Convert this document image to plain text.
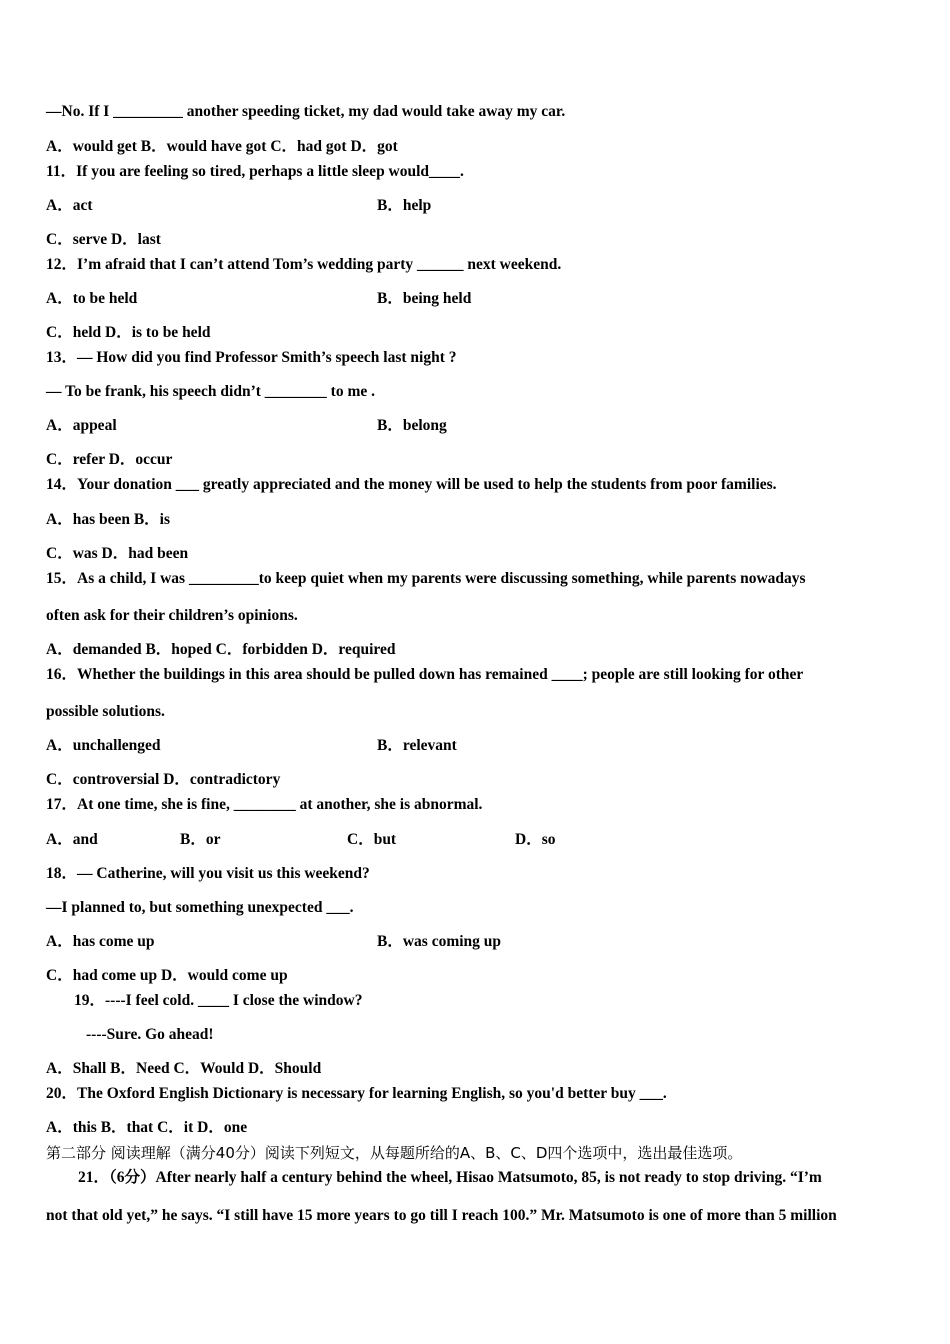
—No. If I _________ another speeding ticket, my dad would take away my car.
A．would get B．would have got C．had got D．got
11．If you are feeling so tired, perhaps a little sleep would____.
A．act	B．help
C．serve D．last
12．I’m afraid that I can’t attend Tom’s wedding party ______ next weekend.
A．to be held	B．being held
C．held D．is to be held
13．— How did you find Professor Smith’s speech last night ?
— To be frank, his speech didn’t ________ to me .
A．appeal	B．belong
C．refer D．occur
14．Your donation ___ greatly appreciated and the money will be used to help the students from poor families.
A．has been B．is
C．was D．had been
15．As a child, I was _________to keep quiet when my parents were discussing something, while parents nowadays
often ask for their children’s opinions.
A．demanded B．hoped C．forbidden D．required
16．Whether the buildings in this area should be pulled down has remained ____; people are still looking for other
possible solutions.
A．unchallenged	B．relevant
C．controversial D．contradictory
17．At one time, she is fine, ________ at another, she is abnormal.
A．and	B．or	C．but	D．so
18．— Catherine, will you visit us this weekend?
—I planned to, but something unexpected ___.
A．has come up	B．was coming up
C．had come up D．would come up
19．----I feel cold. ____ I close the window?
----Sure. Go ahead!
A．Shall B．Need C．Would D．Should
20．The Oxford English Dictionary is necessary for learning English, so you'd better buy ___.
A．this B．that C．it D．one
第二部分 阅读理解（满分40分）阅读下列短文，从每题所给的A、B、C、D四个选项中，选出最佳选项。
21．（6分）After nearly half a century behind the wheel, Hisao Matsumoto, 85, is not ready to stop driving. “I’m
not that old yet,” he says. “I still have 15 more years to go till I reach 100.” Mr. Matsumoto is one of more than 5 million
